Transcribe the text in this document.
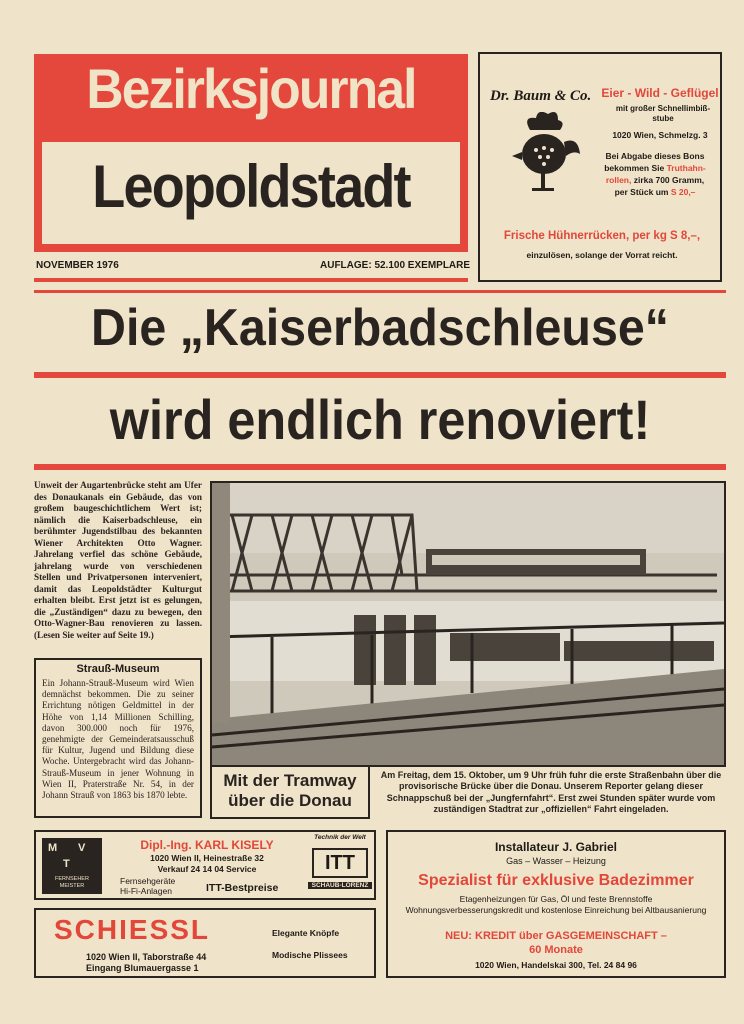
Bezirksjournal
Leopoldstadt
NOVEMBER 1976	AUFLAGE: 52.100 EXEMPLARE
Dr. Baum & Co. Eier - Wild - Geflügel
mit großer Schnellimbiß-stube
1020 Wien, Schmelzg. 3
Bei Abgabe dieses Bons
bekommen Sie Truthahn-
rollen, zirka 700 Gramm,
per Stück um S 20,–
Frische Hühnerrücken, per kg S 8,–,
einzulösen, solange der Vorrat reicht.
Die „Kaiserbadschleuse“
wird endlich renoviert!
Unweit der Augartenbrücke steht am Ufer des Donaukanals ein Gebäude, das von großem baugeschichtlichem Wert ist; nämlich die Kaiserbadschleuse, ein berühmter Jugendstilbau des bekannten Wiener Architekten Otto Wagner. Jahrelang verfiel das schöne Gebäude, jahrelang wurde von verschiedenen Stellen und Privatpersonen interveniert, damit das Leopoldstädter Kulturgut erhalten bleibt. Erst jetzt ist es gelungen, die „Zuständigen“ dazu zu bewegen, den Otto-Wagner-Bau renovieren zu lassen. (Lesen Sie weiter auf Seite 19.)
Strauß-Museum
Ein Johann-Strauß-Museum wird Wien demnächst bekommen. Die zu seiner Errichtung nötigen Geldmittel in der Höhe von 1,14 Millionen Schilling, davon 300.000 noch für 1976, genehmigte der Gemeinderatsausschuß für Kultur, Jugend und Bildung diese Woche. Untergebracht wird das Johann-Strauß-Museum in jener Wohnung in Wien II, Praterstraße Nr. 54, in der Johann Strauß von 1863 bis 1870 lebte.
Mit der Tramway
über die Donau
Am Freitag, dem 15. Oktober, um 9 Uhr früh fuhr die erste Straßenbahn über die provisorische Brücke über die Donau. Unserem Reporter gelang dieser Schnappschuß bei der „Jungfernfahrt“. Erst zwei Stunden später wurde vom zuständigen Stadtrat zur „offiziellen“ Fahrt eingeladen.
M V
T
FERNSEHER MEISTER
Dipl.-Ing. KARL KISELY
1020 Wien II, Heinestraße 32
Verkauf 24 14 04 Service
Fernsehgeräte
Hi-Fi-Anlagen	ITT-Bestpreise
Technik der Welt
ITT
SCHAUB-LORENZ
SCHIESSL
1020 Wien II, Taborstraße 44
Eingang Blumauergasse 1
Elegante Knöpfe
Modische Plissees
Installateur J. Gabriel
Gas – Wasser – Heizung
Spezialist für exklusive Badezimmer
Etagenheizungen für Gas, Öl und feste Brennstoffe Wohnungsverbesserungskredit und kostenlose Einreichung bei Altbausanierung
NEU: KREDIT über GASGEMEINSCHAFT –
60 Monate
1020 Wien, Handelskai 300, Tel. 24 84 96
